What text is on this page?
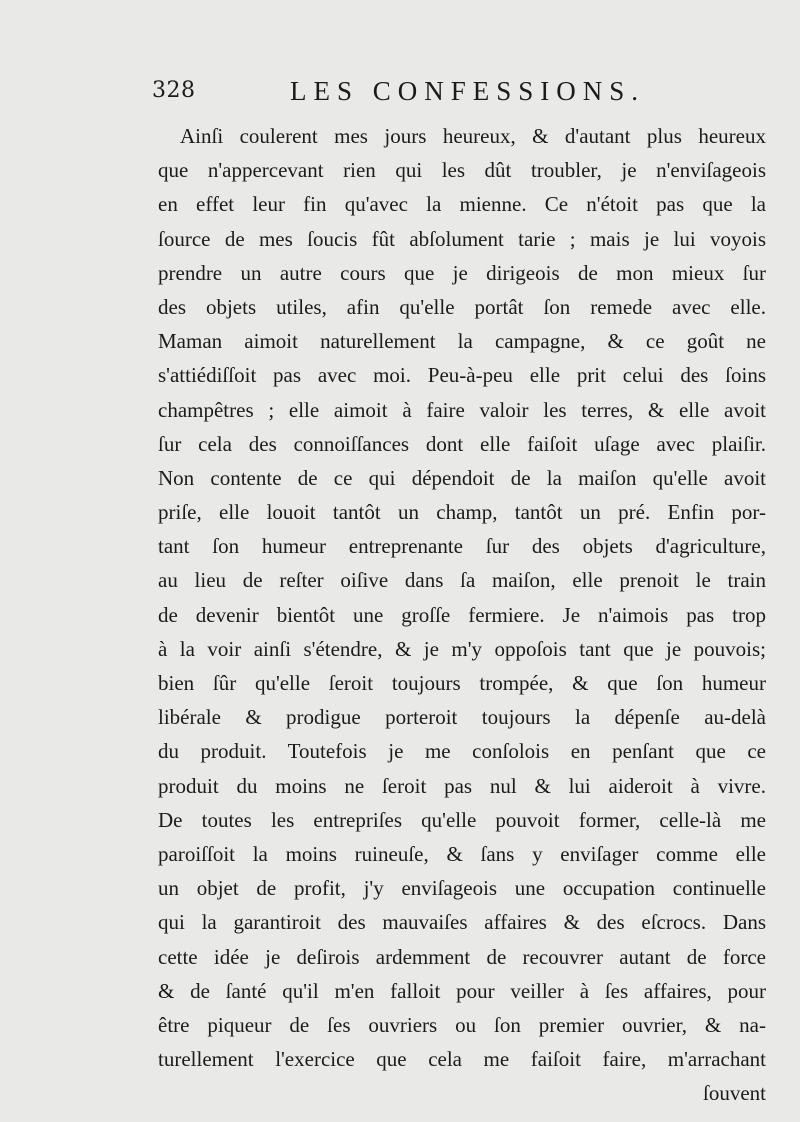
328	LES CONFESSIONS.
Ainſi coulerent mes jours heureux, & d'autant plus heureux
que n'appercevant rien qui les dût troubler, je n'enviſageois
en effet leur fin qu'avec la mienne. Ce n'étoit pas que la
ſource de mes ſoucis fût abſolument tarie ; mais je lui voyois
prendre un autre cours que je dirigeois de mon mieux ſur
des objets utiles, afin qu'elle portât ſon remede avec elle.
Maman aimoit naturellement la campagne, & ce goût ne
s'attiédiſſoit pas avec moi. Peu-à-peu elle prit celui des ſoins
champêtres ; elle aimoit à faire valoir les terres, & elle avoit
ſur cela des connoiſſances dont elle faiſoit uſage avec plaiſir.
Non contente de ce qui dépendoit de la maiſon qu'elle avoit
priſe, elle louoit tantôt un champ, tantôt un pré. Enfin por-
tant ſon humeur entreprenante ſur des objets d'agriculture,
au lieu de reſter oiſive dans ſa maiſon, elle prenoit le train
de devenir bientôt une groſſe fermiere. Je n'aimois pas trop
à la voir ainſi s'étendre, & je m'y oppoſois tant que je pouvois;
bien ſûr qu'elle ſeroit toujours trompée, & que ſon humeur
libérale & prodigue porteroit toujours la dépenſe au-delà
du produit. Toutefois je me conſolois en penſant que ce
produit du moins ne ſeroit pas nul & lui aideroit à vivre.
De toutes les entrepriſes qu'elle pouvoit former, celle-là me
paroiſſoit la moins ruineuſe, & ſans y enviſager comme elle
un objet de profit, j'y enviſageois une occupation continuelle
qui la garantiroit des mauvaiſes affaires & des eſcrocs. Dans
cette idée je deſirois ardemment de recouvrer autant de force
& de ſanté qu'il m'en falloit pour veiller à ſes affaires, pour
être piqueur de ſes ouvriers ou ſon premier ouvrier, & na-
turellement l'exercice que cela me faiſoit faire, m'arrachant
ſouvent
